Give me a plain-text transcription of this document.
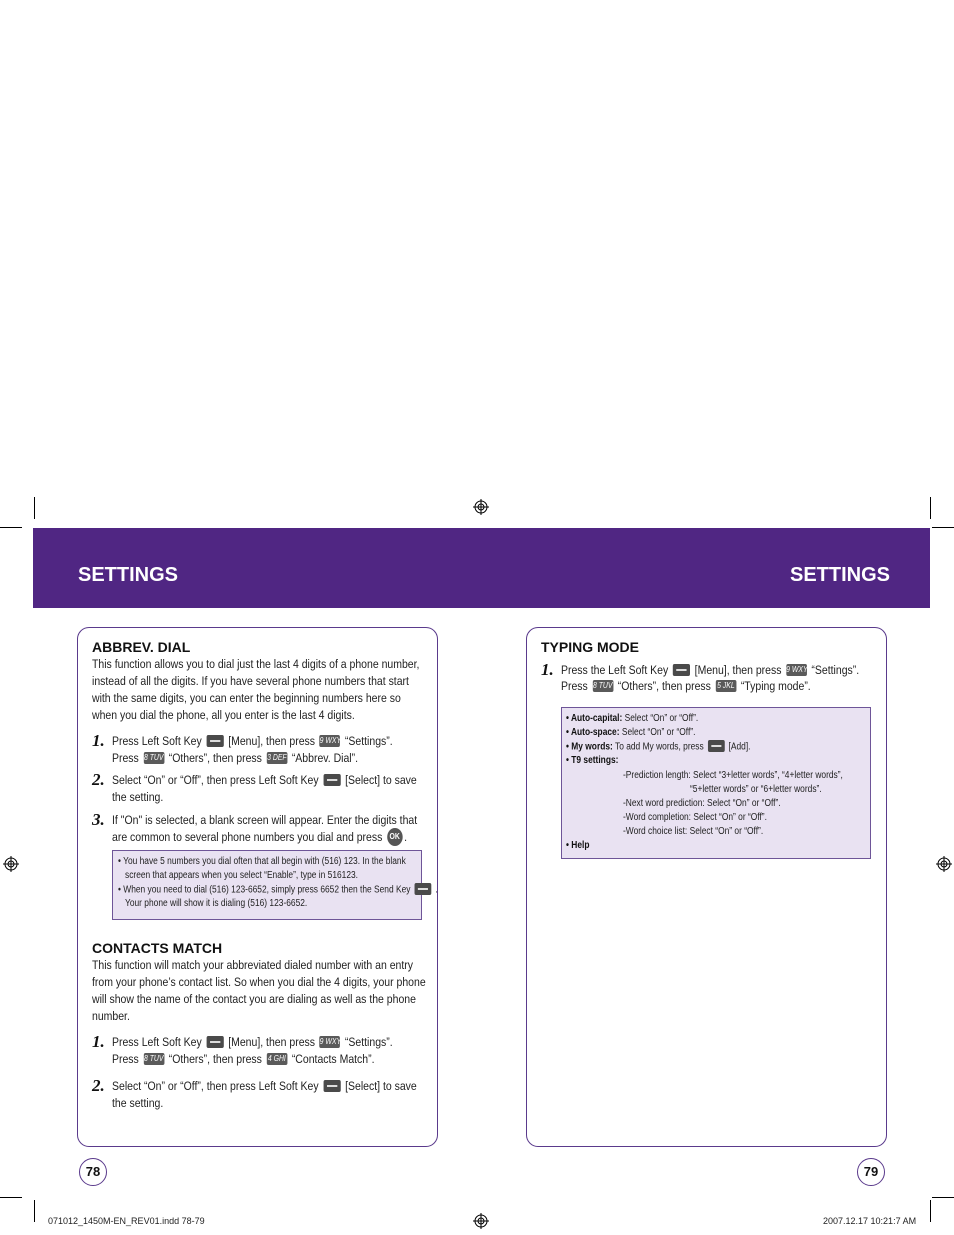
SETTINGS	SETTINGS
ABBREV. DIAL
This function allows you to dial just the last 4 digits of a phone number,
instead of all the digits. If you have several phone numbers that start
with the same digits, you can enter the beginning numbers here so
when you dial the phone, all you enter is the last 4 digits.
1. Press Left Soft Key [Menu], then press 9 WXYZ “Settings”.
Press 8 TUV “Others”, then press 3 DEF “Abbrev. Dial”.
2. Select “On” or “Off”, then press Left Soft Key [Select] to save
the setting.
3. If "On" is selected, a blank screen will appear. Enter the digits that
are common to several phone numbers you dial and press OK .
• You have 5 numbers you dial often that all begin with (516) 123. In the blank
screen that appears when you select “Enable”, type in 516123.
• When you need to dial (516) 123-6652, simply press 6652 then the Send Key .
Your phone will show it is dialing (516) 123-6652.
CONTACTS MATCH
This function will match your abbreviated dialed number with an entry
from your phone’s contact list. So when you dial the 4 digits, your phone
will show the name of the contact you are dialing as well as the phone
number.
1. Press Left Soft Key [Menu], then press 9 WXYZ “Settings”.
Press 8 TUV “Others”, then press 4 GHI “Contacts Match”.
2. Select “On” or “Off”, then press Left Soft Key [Select] to save
the setting.
78
TYPING MODE
1. Press the Left Soft Key [Menu], then press 9 WXYZ “Settings”.
Press 8 TUV “Others”, then press 5 JKL “Typing mode”.
• Auto-capital: Select “On” or “Off”.
• Auto-space: Select “On” or “Off”.
• My words: To add My words, press [Add].
• T9 settings:
-Prediction length: Select “3+letter words”, “4+letter words”,
“5+letter words” or “6+letter words”.
-Next word prediction: Select “On” or “Off”.
-Word completion: Select “On” or “Off”.
-Word choice list: Select “On” or “Off”.
• Help
79
071012_1450M-EN_REV01.indd 78-79	2007.12.17 10:21:7 AM
